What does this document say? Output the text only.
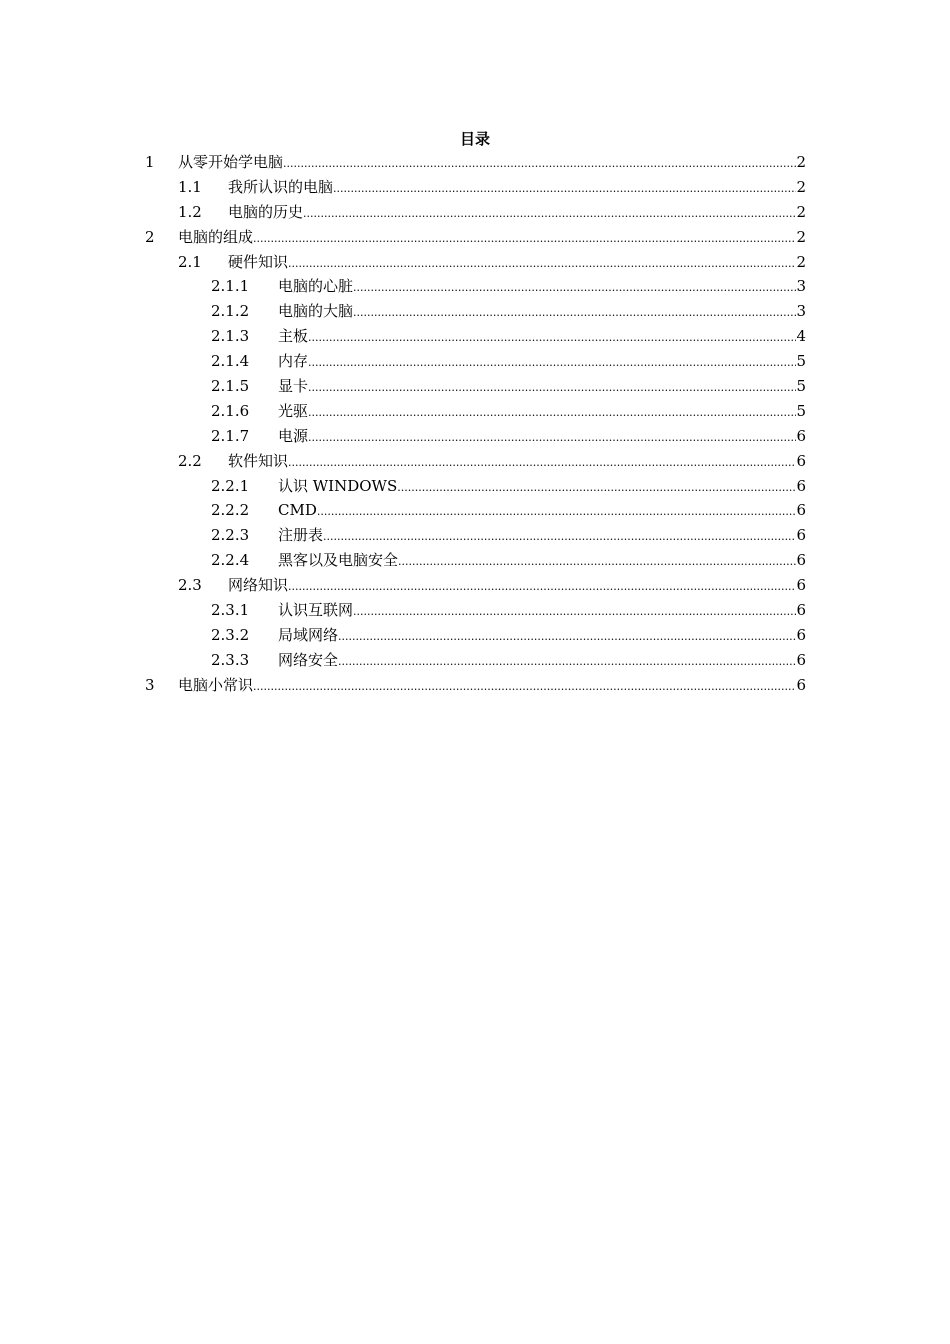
目录
1 从零开始学电脑 .....	2
1.1 我所认识的电脑 .....	2
1.2 电脑的历史 .....	2
2 电脑的组成 .....	2
2.1 硬件知识 .....	2
2.1.1 电脑的心脏 .....	3
2.1.2 电脑的大脑 .....	3
2.1.3 主板 .....	4
2.1.4 内存 .....	5
2.1.5 显卡 .....	5
2.1.6 光驱 .....	5
2.1.7 电源 .....	6
2.2 软件知识 .....	6
2.2.1 认识 WINDOWS .....	6
2.2.2 CMD .....	6
2.2.3 注册表 .....	6
2.2.4 黑客以及电脑安全 .....	6
2.3 网络知识 .....	6
2.3.1 认识互联网 .....	6
2.3.2 局域网络 .....	6
2.3.3 网络安全 .....	6
3 电脑小常识 .....	6
